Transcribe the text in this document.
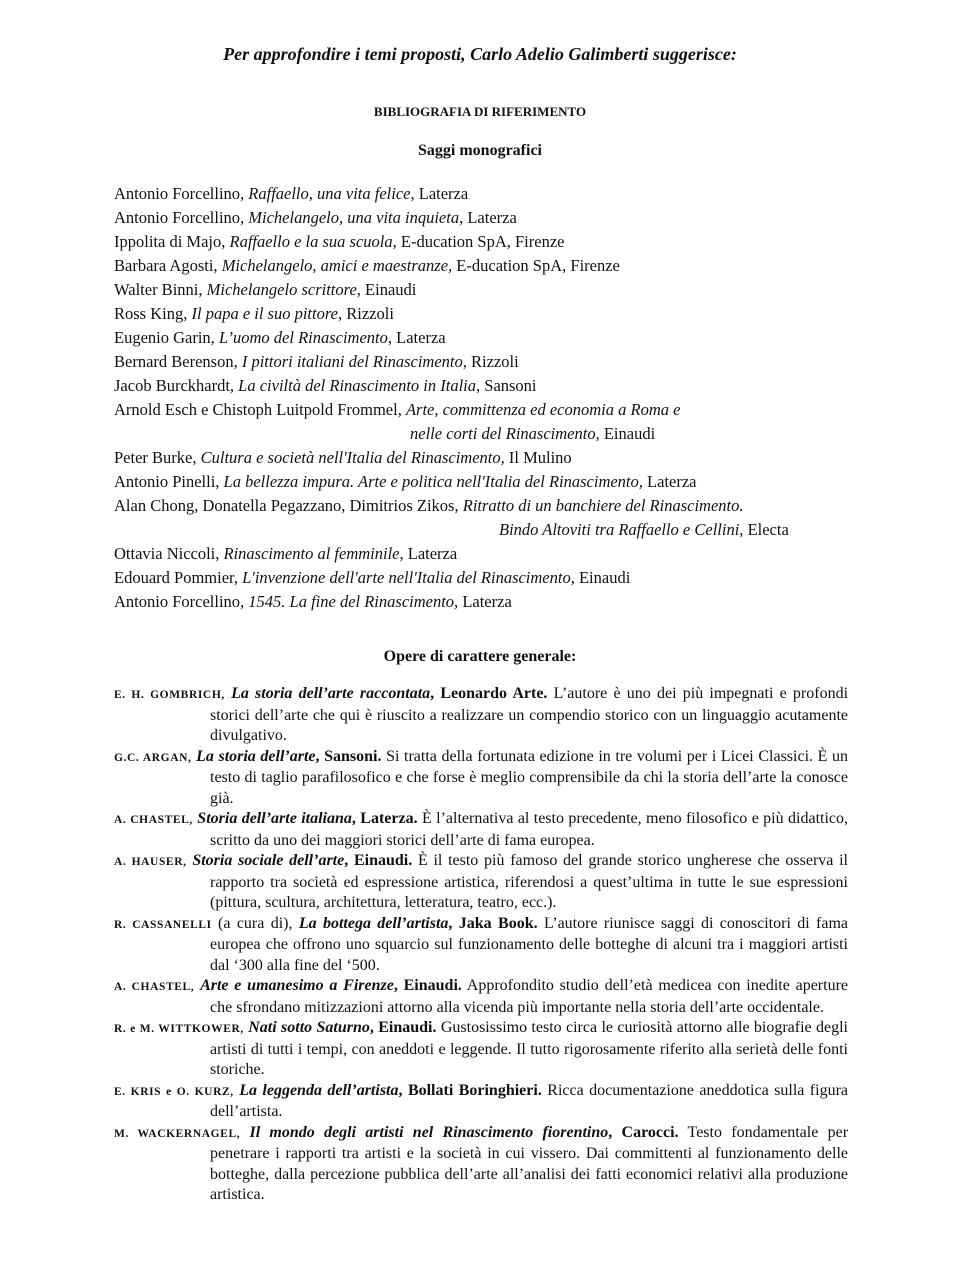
Per approfondire i temi proposti, Carlo Adelio Galimberti suggerisce:
BIBLIOGRAFIA DI RIFERIMENTO
Saggi monografici

Antonio Forcellino, Raffaello, una vita felice, Laterza

Antonio Forcellino, Michelangelo, una vita inquieta, Laterza

Ippolita di Majo, Raffaello e la sua scuola, E-ducation SpA, Firenze

Barbara Agosti, Michelangelo, amici e maestranze, E-ducation SpA, Firenze

Walter Binni, Michelangelo scrittore, Einaudi

Ross King, Il papa e il suo pittore, Rizzoli

Eugenio Garin, L’uomo del Rinascimento, Laterza

Bernard Berenson, I pittori italiani del Rinascimento, Rizzoli

Jacob Burckhardt, La civiltà del Rinascimento in Italia, Sansoni

Arnold Esch e Chistoph Luitpold Frommel, Arte, committenza ed economia a Roma e
nelle corti del Rinascimento, Einaudi

Peter Burke, Cultura e società nell'Italia del Rinascimento, Il Mulino

Antonio Pinelli, La bellezza impura. Arte e politica nell'Italia del Rinascimento, Laterza

Alan Chong, Donatella Pegazzano, Dimitrios Zikos, Ritratto di un banchiere del Rinascimento.
Bindo Altoviti tra Raffaello e Cellini, Electa

Ottavia Niccoli, Rinascimento al femminile, Laterza

Edouard Pommier, L'invenzione dell'arte nell'Italia del Rinascimento, Einaudi

Antonio Forcellino, 1545. La fine del Rinascimento, Laterza

Opere di carattere generale:

E. H. GOMBRICH, La storia dell’arte raccontata, Leonardo Arte. L’autore è uno dei più impegnati e profondi storici dell’arte che qui è riuscito a realizzare un compendio storico con un linguaggio acutamente divulgativo.

G.C. ARGAN, La storia dell’arte, Sansoni. Si tratta della fortunata edizione in tre volumi per i Licei Classici. È un testo di taglio parafilosofico e che forse è meglio comprensibile da chi la storia dell’arte la conosce già.

A. CHASTEL, Storia dell’arte italiana, Laterza. È l’alternativa al testo precedente, meno filosofico e più didattico, scritto da uno dei maggiori storici dell’arte di fama europea.

A. HAUSER, Storia sociale dell’arte, Einaudi. È il testo più famoso del grande storico ungherese che osserva il rapporto tra società ed espressione artistica, riferendosi a quest’ultima in tutte le sue espressioni (pittura, scultura, architettura, letteratura, teatro, ecc.).

R. CASSANELLI (a cura di), La bottega dell’artista, Jaka Book. L’autore riunisce saggi di conoscitori di fama europea che offrono uno squarcio sul funzionamento delle botteghe di alcuni tra i maggiori artisti dal ‘300 alla fine del ‘500.

A. CHASTEL, Arte e umanesimo a Firenze, Einaudi. Approfondito studio dell’età medicea con inedite aperture che sfrondano mitizzazioni attorno alla vicenda più importante nella storia dell’arte occidentale.

R. e M. WITTKOWER, Nati sotto Saturno, Einaudi. Gustosissimo testo circa le curiosità attorno alle biografie degli artisti di tutti i tempi, con aneddoti e leggende. Il tutto rigorosamente riferito alla serietà delle fonti storiche.

E. KRIS e O. KURZ, La leggenda dell’artista, Bollati Boringhieri. Ricca documentazione aneddotica sulla figura dell’artista.

M. WACKERNAGEL, Il mondo degli artisti nel Rinascimento fiorentino, Carocci. Testo fondamentale per penetrare i rapporti tra artisti e la società in cui vissero. Dai committenti al funzionamento delle botteghe, dalla percezione pubblica dell’arte all’analisi dei fatti economici relativi alla produzione artistica.
